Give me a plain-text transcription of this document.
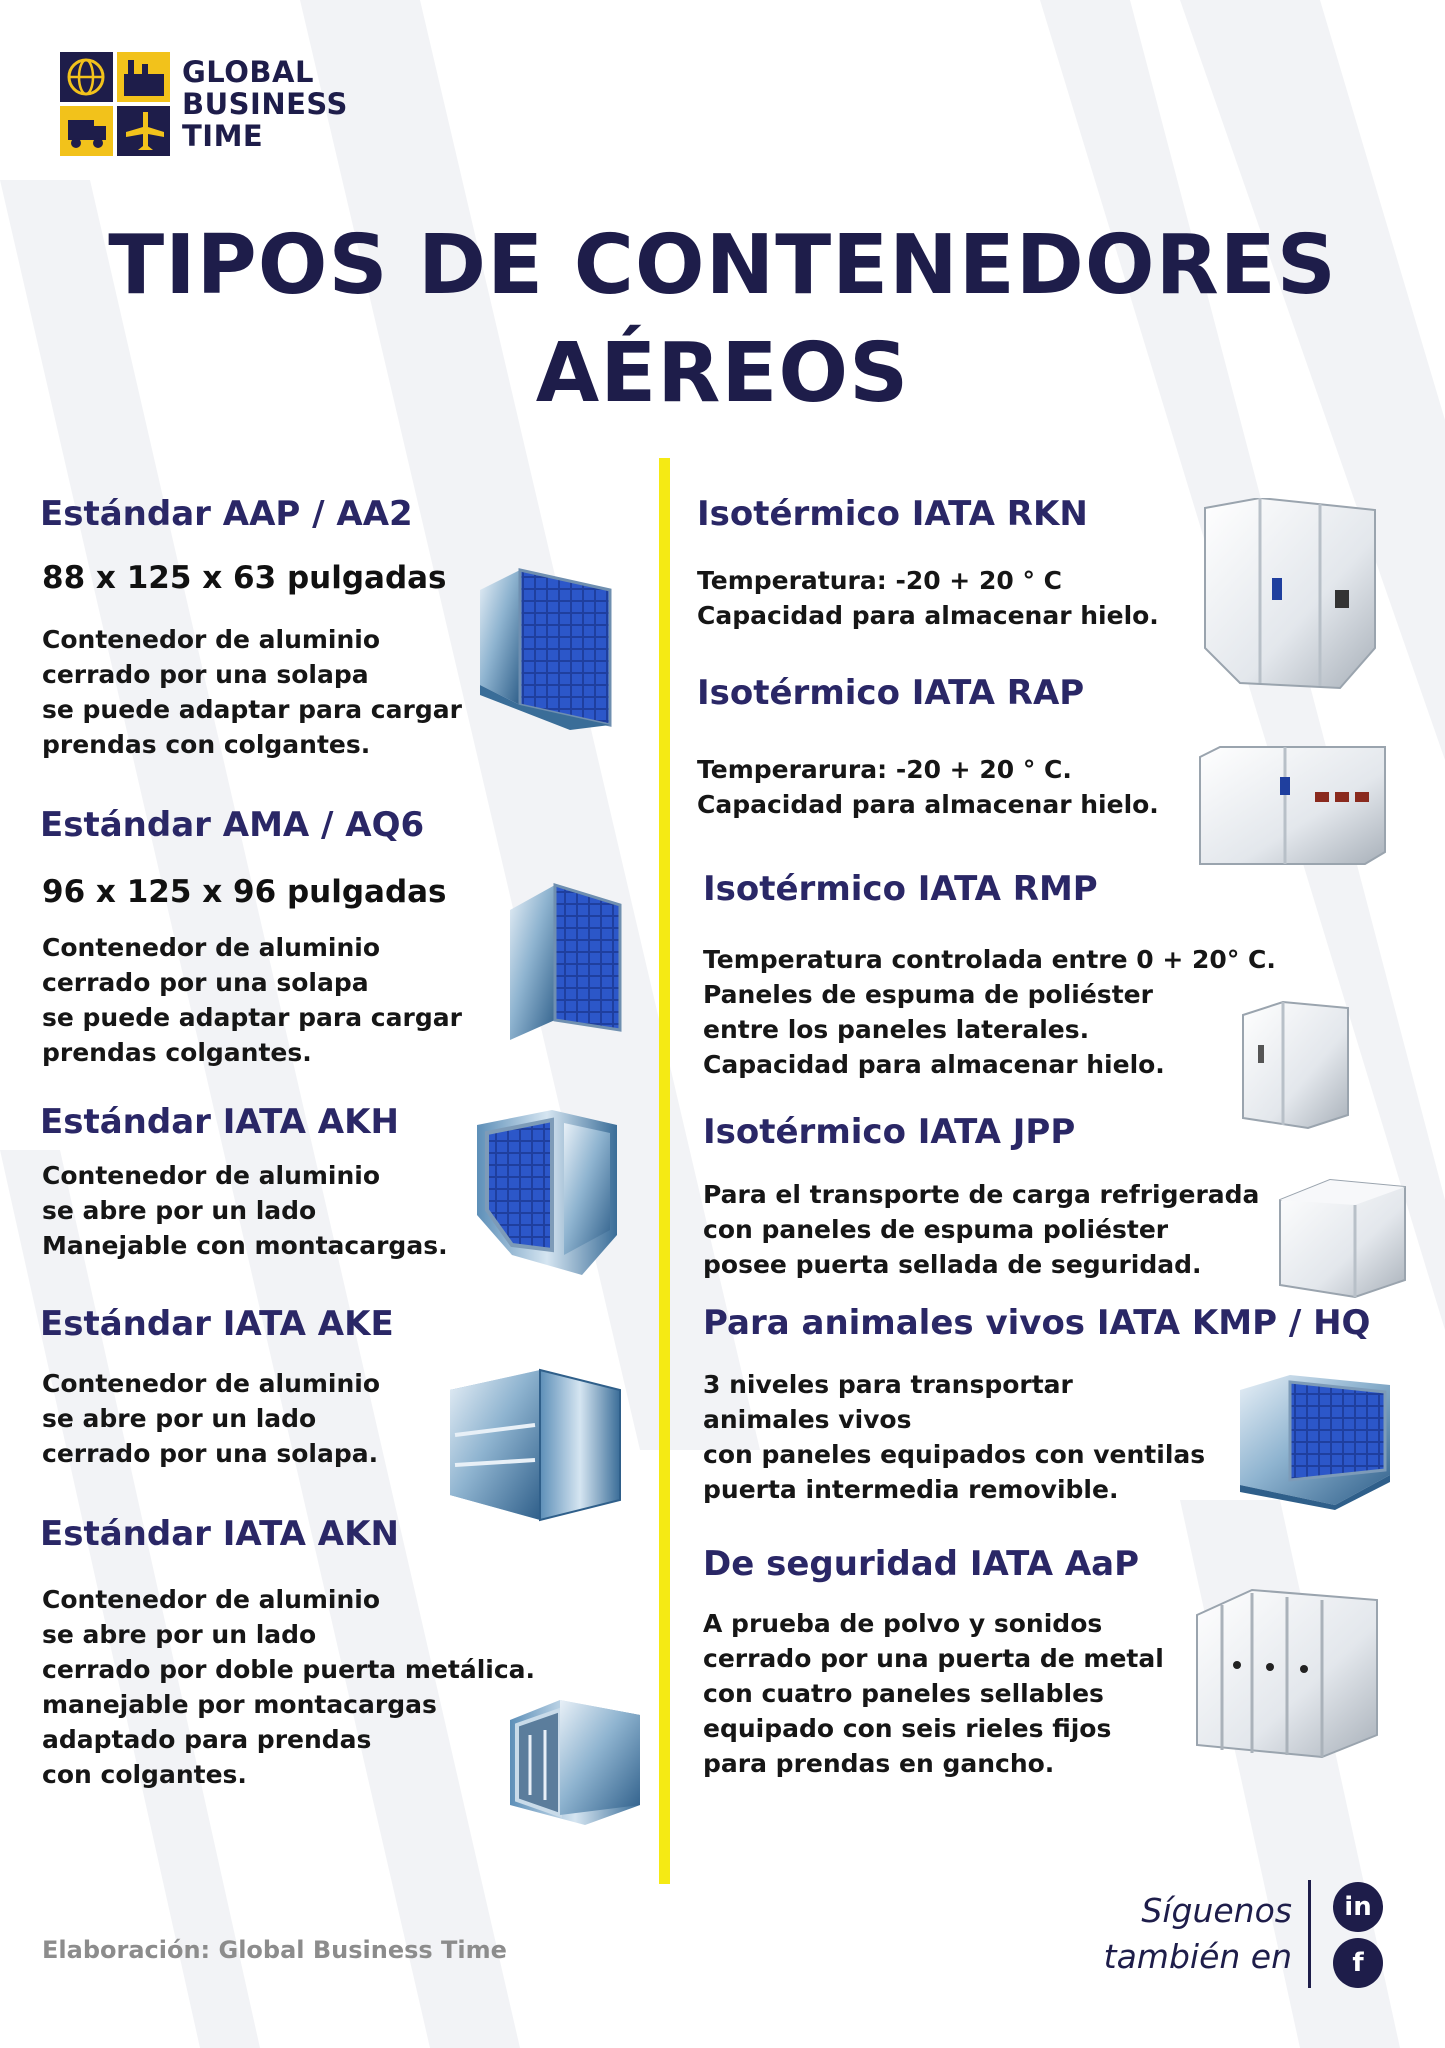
GLOBAL
BUSINESS
TIME
TIPOS DE CONTENEDORES
AÉREOS
Estándar AAP / AA2
88 x 125 x 63 pulgadas
Contenedor de aluminio
cerrado por una solapa
se puede adaptar para cargar
prendas con colgantes.
Estándar AMA / AQ6
96 x 125 x 96 pulgadas
Contenedor de aluminio
cerrado por una solapa
se puede adaptar para cargar
prendas colgantes.
Estándar IATA AKH
Contenedor de aluminio
se abre por un lado
Manejable con montacargas.
Estándar IATA AKE
Contenedor de aluminio
se abre por un lado
cerrado por una solapa.
Estándar IATA AKN
Contenedor de aluminio
se abre por un lado
cerrado por doble puerta metálica.
manejable por montacargas
adaptado para prendas
con colgantes.
Isotérmico IATA RKN
Temperatura: -20 + 20 ° C
Capacidad para almacenar hielo.
Isotérmico IATA RAP
Temperarura: -20 + 20 ° C.
Capacidad para almacenar hielo.
Isotérmico IATA RMP
Temperatura controlada entre 0 + 20° C.
Paneles de espuma de poliéster
entre los paneles laterales.
Capacidad para almacenar hielo.
Isotérmico IATA JPP
Para el transporte de carga refrigerada
con paneles de espuma poliéster
posee puerta sellada de seguridad.
Para animales vivos IATA KMP / HQ
3 niveles para transportar
animales vivos
con paneles equipados con ventilas
puerta intermedia removible.
De seguridad IATA AaP
A prueba de polvo y sonidos
cerrado por una puerta de metal
con cuatro paneles sellables
equipado con seis rieles fijos
para prendas en gancho.
Elaboración: Global Business Time
Síguenos
también en
in
f
